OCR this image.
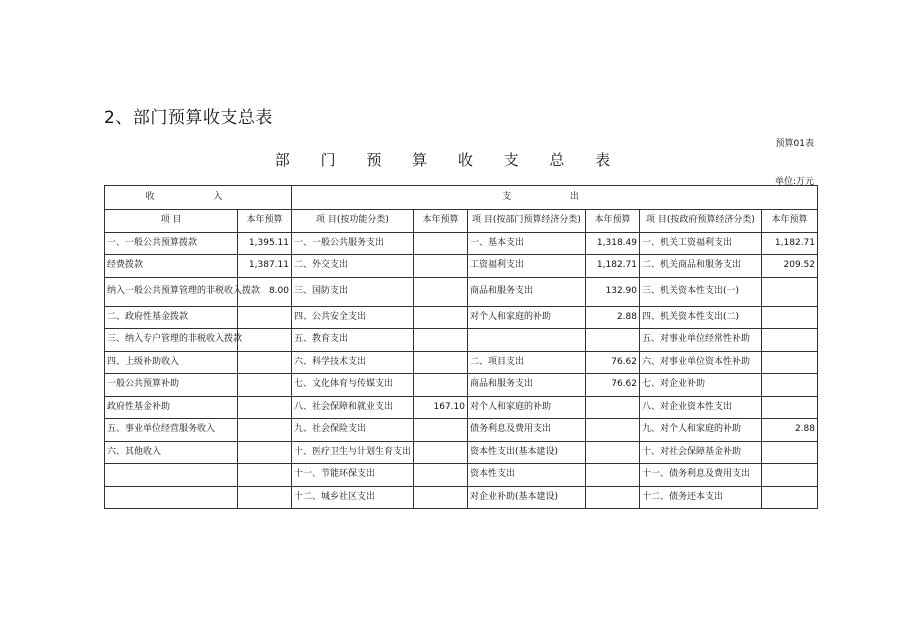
2、部门预算收支总表
预算01表
部 门 预 算 收 支 总 表
单位:万元
收 入		支 出					
项 目	本年预算	项 目(按功能分类)	本年预算	项 目(按部门预算经济分类)	本年预算	项 目(按政府预算经济分类)	本年预算
一、一般公共预算拨款	1,395.11	一、一般公共服务支出		一、基本支出	1,318.49	一、机关工资福利支出	1,182.71
经费拨款	1,387.11	二、外交支出		工资福利支出	1,182.71	二、机关商品和服务支出	209.52
纳入一般公共预算管理的非税收入拨款	8.00	三、国防支出		商品和服务支出	132.90	三、机关资本性支出(一)	
二、政府性基金拨款		四、公共安全支出		对个人和家庭的补助	2.88	四、机关资本性支出(二)	
三、纳入专户管理的非税收入拨款		五、教育支出				五、对事业单位经常性补助	
四、上级补助收入		六、科学技术支出		二、项目支出	76.62	六、对事业单位资本性补助	
一般公共预算补助		七、文化体育与传媒支出		商品和服务支出	76.62	七、对企业补助	
政府性基金补助		八、社会保障和就业支出	167.10	对个人和家庭的补助		八、对企业资本性支出	
五、事业单位经营服务收入		九、社会保险支出		债务利息及费用支出		九、对个人和家庭的补助	2.88
六、其他收入		十、医疗卫生与计划生育支出		资本性支出(基本建设)		十、对社会保障基金补助	
		十一、节能环保支出		资本性支出		十一、债务利息及费用支出	
		十二、城乡社区支出		对企业补助(基本建设)		十二、债务还本支出	
